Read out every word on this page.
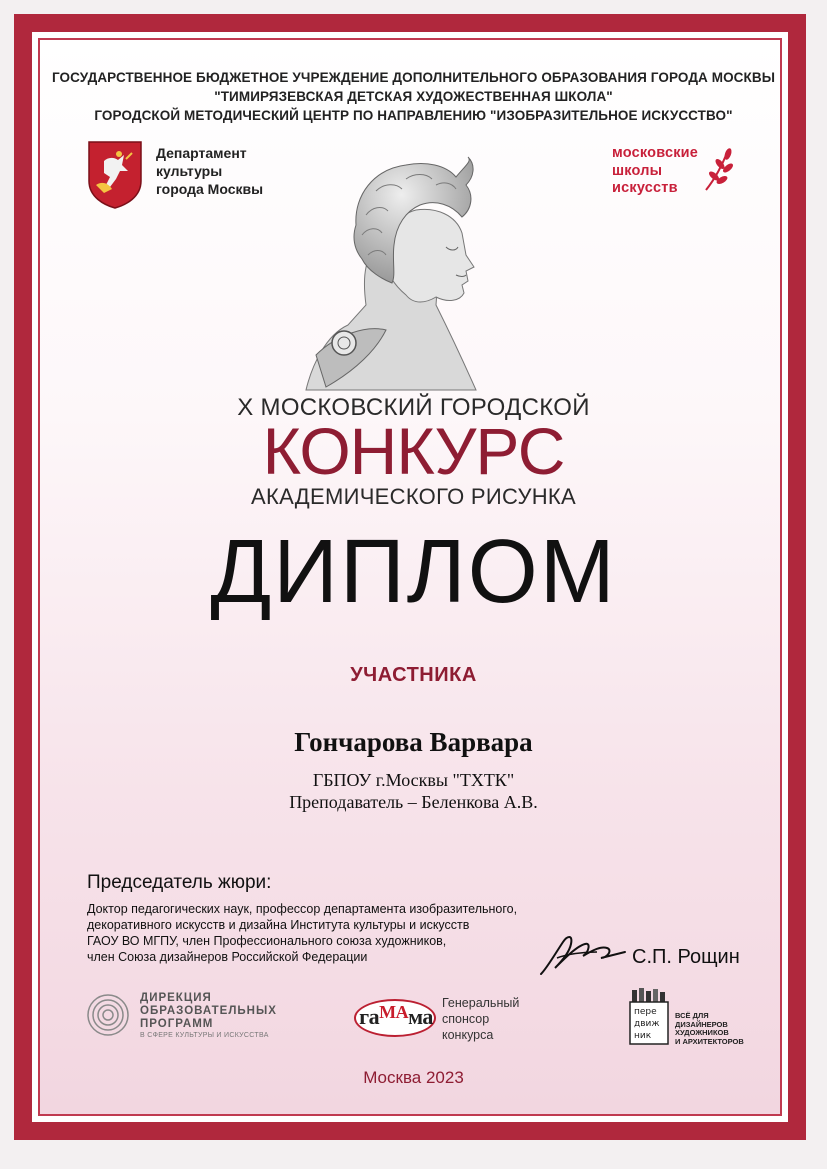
ГОСУДАРСТВЕННОЕ БЮДЖЕТНОЕ УЧРЕЖДЕНИЕ ДОПОЛНИТЕЛЬНОГО ОБРАЗОВАНИЯ ГОРОДА МОСКВЫ
"ТИМИРЯЗЕВСКАЯ ДЕТСКАЯ ХУДОЖЕСТВЕННАЯ ШКОЛА"
ГОРОДСКОЙ МЕТОДИЧЕСКИЙ ЦЕНТР ПО НАПРАВЛЕНИЮ "ИЗОБРАЗИТЕЛЬНОЕ ИСКУССТВО"
Департамент
культуры
города Москвы
московские
школы
искусств
X МОСКОВСКИЙ ГОРОДСКОЙ
КОНКУРС
АКАДЕМИЧЕСКОГО РИСУНКА
ДИПЛОМ
УЧАСТНИКА
Гончарова Варвара
ГБПОУ г.Москвы "ТХТК"
Преподаватель – Беленкова А.В.
Председатель жюри:
Доктор педагогических наук, профессор департамента изобразительного,
декоративного искусств и дизайна Института культуры и искусств
ГАОУ ВО МГПУ, член Профессионального союза художников,
член Союза дизайнеров Российской Федерации	С.П. Рощин
ДИРЕКЦИЯ
ОБРАЗОВАТЕЛЬНЫХ
ПРОГРАММ
В СФЕРЕ КУЛЬТУРЫ И ИСКУССТВА
$га^{МА}ма$
Генеральный
спонсор
конкурса
пере
движ
ник
ВСЁ ДЛЯ
ДИЗАЙНЕРОВ
ХУДОЖНИКОВ
И АРХИТЕКТОРОВ
Москва 2023
